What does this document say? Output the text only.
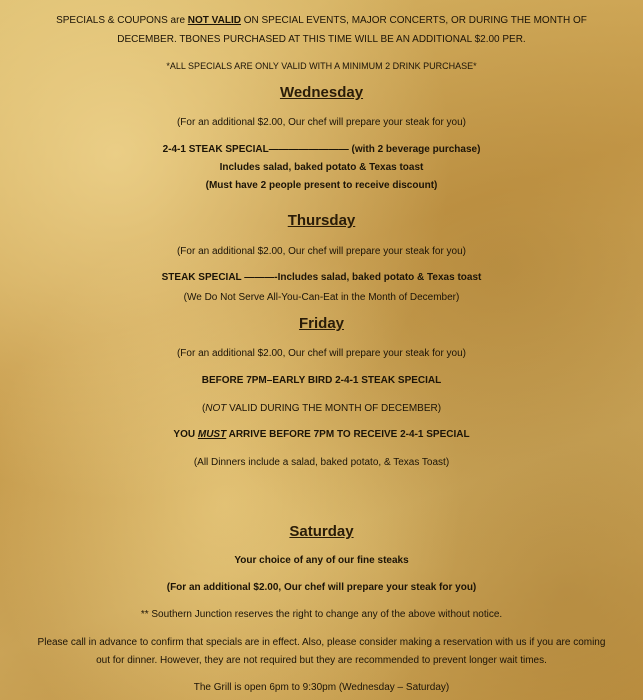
SPECIALS & COUPONS are NOT VALID ON SPECIAL EVENTS, MAJOR CONCERTS, OR DURING THE MONTH OF
DECEMBER. TBONES PURCHASED AT THIS TIME WILL BE AN ADDITIONAL $2.00 PER.
*ALL SPECIALS ARE ONLY VALID WITH A MINIMUM 2 DRINK PURCHASE*
Wednesday
(For an additional $2.00, Our chef will prepare your steak for you)
2-4-1 STEAK SPECIAL———————— (with 2 beverage purchase)
Includes salad, baked potato & Texas toast
(Must have 2 people present to receive discount)
Thursday
(For an additional $2.00, Our chef will prepare your steak for you)
STEAK SPECIAL ———-Includes salad, baked potato & Texas toast
(We Do Not Serve All-You-Can-Eat in the Month of December)
Friday
(For an additional $2.00, Our chef will prepare your steak for you)
BEFORE 7PM–EARLY BIRD 2-4-1 STEAK SPECIAL
(NOT VALID DURING THE MONTH OF DECEMBER)
YOU MUST ARRIVE BEFORE 7PM TO RECEIVE 2-4-1 SPECIAL
(All Dinners include a salad, baked potato, & Texas Toast)
Saturday
Your choice of any of our fine steaks
(For an additional $2.00, Our chef will prepare your steak for you)
** Southern Junction reserves the right to change any of the above without notice.
Please call in advance to confirm that specials are in effect. Also, please consider making a reservation with us if you are coming
out for dinner. However, they are not required but they are recommended to prevent longer wait times.
The Grill is open 6pm to 9:30pm (Wednesday – Saturday)
